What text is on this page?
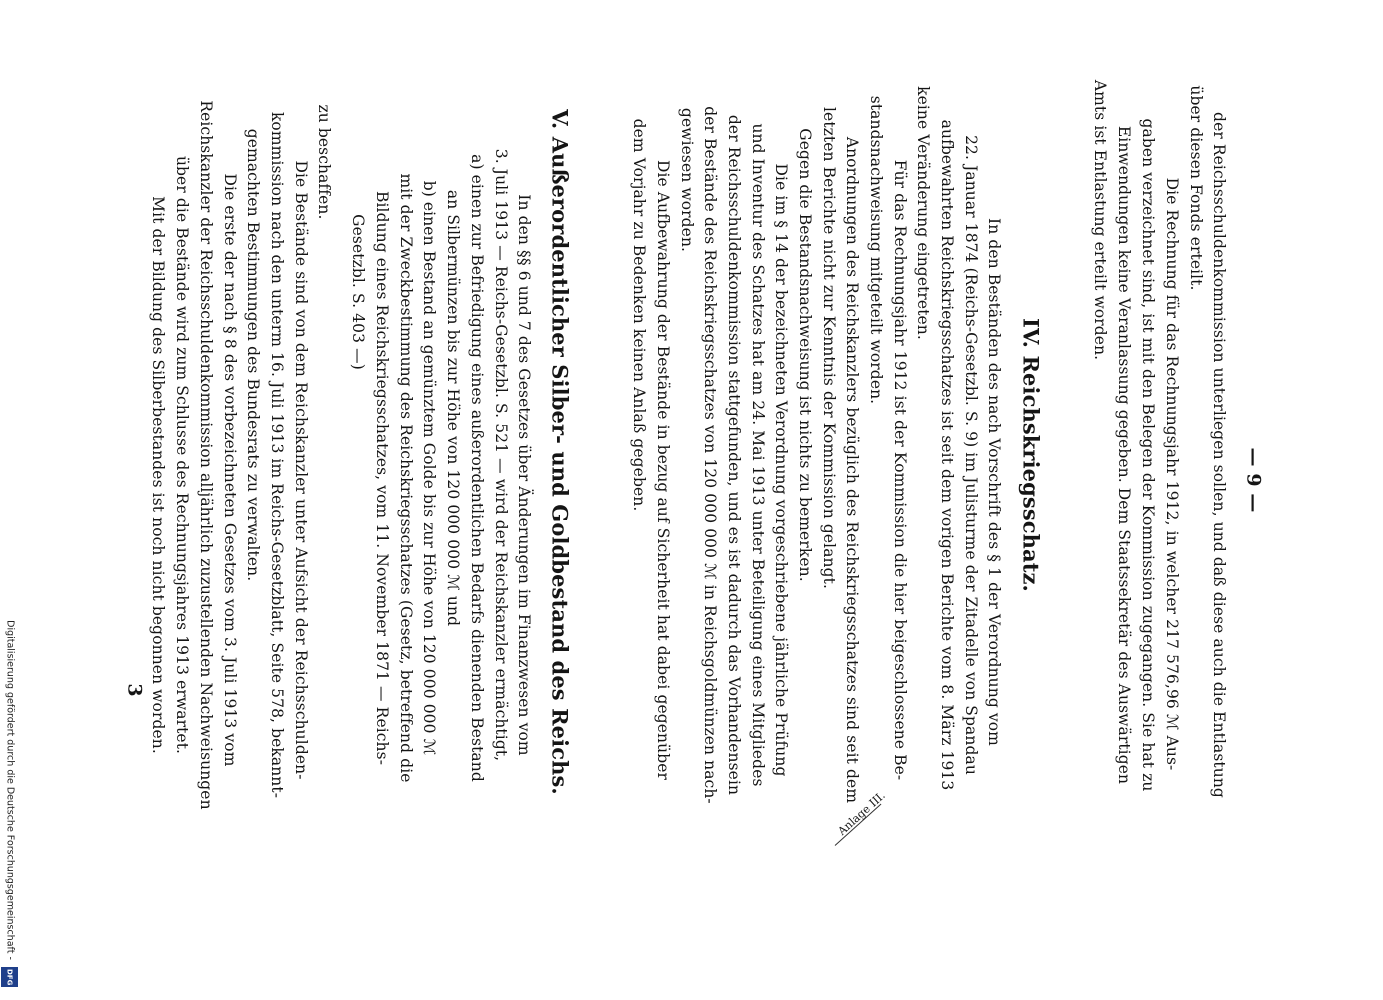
— 9 —
der Reichsschuldenkommission unterliegen sollen, und daß diese auch die Entlastung
über diesen Fonds erteilt.
Die Rechnung für das Rechnungsjahr 1912, in welcher 217 576,96 ℳ Aus-
gaben verzeichnet sind, ist mit den Belegen der Kommission zugegangen. Sie hat zu
Einwendungen keine Veranlassung gegeben. Dem Staatssekretär des Auswärtigen
Amts ist Entlastung erteilt worden.
IV. Reichskriegsschatz.
In den Beständen des nach Vorschrift des § 1 der Verordnung vom
22. Januar 1874 (Reichs-Gesetzbl. S. 9) im Julisturme der Zitadelle von Spandau
aufbewahrten Reichskriegsschatzes ist seit dem vorigen Berichte vom 8. März 1913
keine Veränderung eingetreten.
Für das Rechnungsjahr 1912 ist der Kommission die hier beigeschlossene Be-
standsnachweisung mitgeteilt worden.
Anordnungen des Reichskanzlers bezüglich des Reichskriegsschatzes sind seit dem
letzten Berichte nicht zur Kenntnis der Kommission gelangt.
Gegen die Bestandsnachweisung ist nichts zu bemerken.
Die im § 14 der bezeichneten Verordnung vorgeschriebene jährliche Prüfung
und Inventur des Schatzes hat am 24. Mai 1913 unter Beteiligung eines Mitgliedes
der Reichsschuldenkommission stattgefunden, und es ist dadurch das Vorhandensein
der Bestände des Reichskriegsschatzes von 120 000 000 ℳ in Reichsgoldmünzen nach-
gewiesen worden.
Die Aufbewahrung der Bestände in bezug auf Sicherheit hat dabei gegenüber
dem Vorjahr zu Bedenken keinen Anlaß gegeben.
V. Außerordentlicher Silber- und Goldbestand des Reichs.
In den §§ 6 und 7 des Gesetzes über Änderungen im Finanzwesen vom
3. Juli 1913 — Reichs-Gesetzbl. S. 521 — wird der Reichskanzler ermächtigt,
a) einen zur Befriedigung eines außerordentlichen Bedarfs dienenden Bestand
an Silbermünzen bis zur Höhe von 120 000 000 ℳ und
b) einen Bestand an gemünztem Golde bis zur Höhe von 120 000 000 ℳ
mit der Zweckbestimmung des Reichskriegsschatzes (Gesetz, betreffend die
Bildung eines Reichskriegsschatzes, vom 11. November 1871 — Reichs-
Gesetzbl. S. 403 —)
zu beschaffen.
Die Bestände sind von dem Reichskanzler unter Aufsicht der Reichsschulden-
kommission nach den unterm 16. Juli 1913 im Reichs-Gesetzblatt, Seite 578, bekannt-
gemachten Bestimmungen des Bundesrats zu verwalten.
Die erste der nach § 8 des vorbezeichneten Gesetzes vom 3. Juli 1913 vom
Reichskanzler der Reichsschuldenkommission alljährlich zuzustellenden Nachweisungen
über die Bestände wird zum Schlusse des Rechnungsjahres 1913 erwartet.
Mit der Bildung des Silberbestandes ist noch nicht begonnen worden.
3
Anlage III.
Digitalisierung gefördert durch die Deutsche Forschungsgemeinschaft -
DFG
